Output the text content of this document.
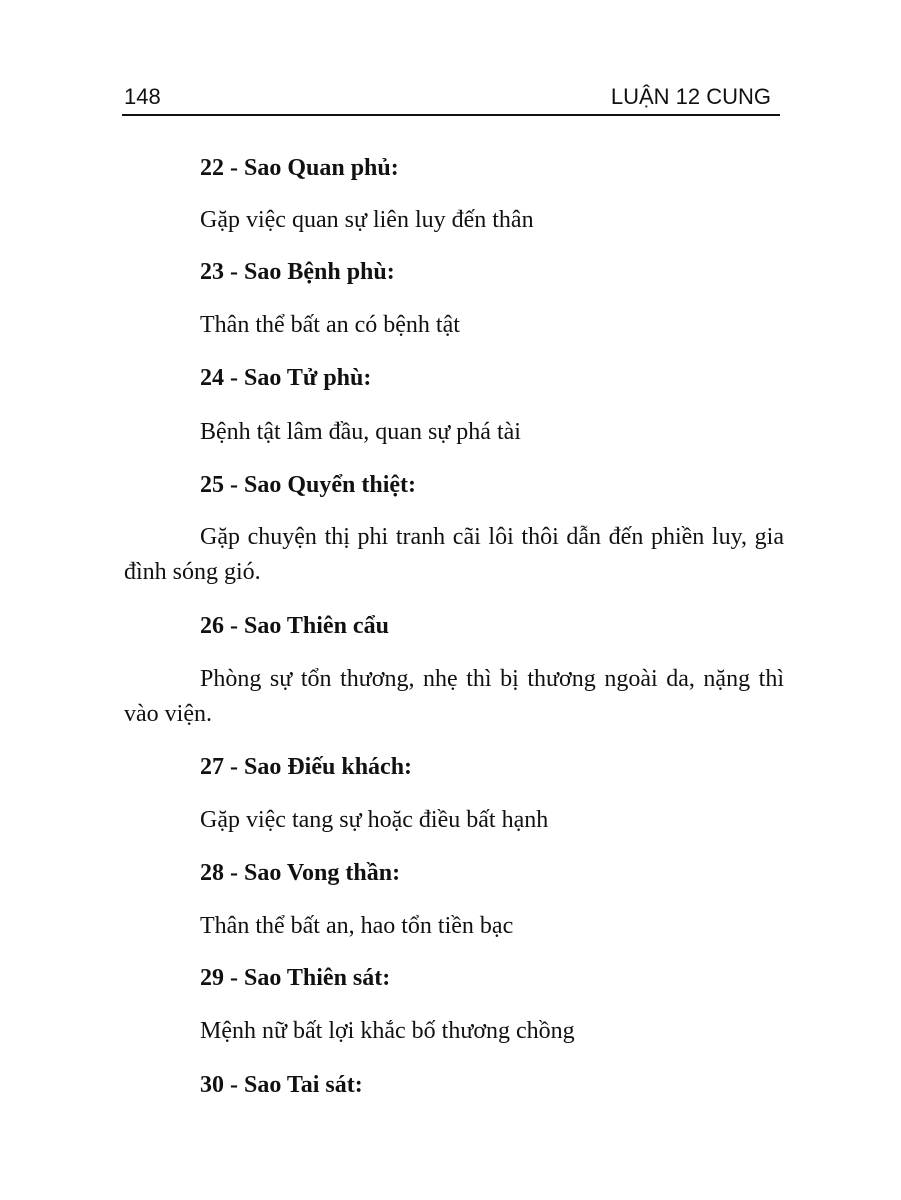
148	LUẬN 12 CUNG
22 - Sao Quan phủ:
Gặp việc quan sự liên luy đến thân
23 - Sao Bệnh phù:
Thân thể bất an có bệnh tật
24 - Sao Tử phù:
Bệnh tật lâm đầu, quan sự phá tài
25 - Sao Quyển thiệt:
Gặp chuyện thị phi tranh cãi lôi thôi dẫn đến phiền luy, gia đình sóng gió.
26 - Sao Thiên cẩu
Phòng sự tổn thương, nhẹ thì bị thương ngoài da, nặng thì vào viện.
27 - Sao Điếu khách:
Gặp việc tang sự hoặc điều bất hạnh
28 - Sao Vong thần:
Thân thể bất an, hao tổn tiền bạc
29 - Sao Thiên sát:
Mệnh nữ bất lợi khắc bố thương chồng
30 - Sao Tai sát:
